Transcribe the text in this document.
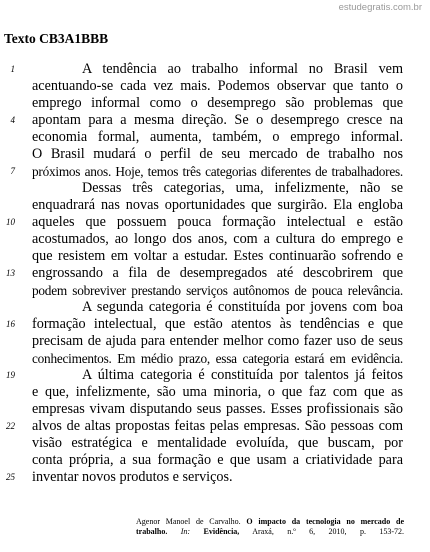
estudegratis.com.br
Texto CB3A1BBB
1
4
7
10
13
16
19
22
25
A tendência ao trabalho informal no Brasil vem
acentuando-se cada vez mais. Podemos observar que tanto o
emprego informal como o desemprego são problemas que
apontam para a mesma direção. Se o desemprego cresce na
economia formal, aumenta, também, o emprego informal.
O Brasil mudará o perfil de seu mercado de trabalho nos
próximos anos. Hoje, temos três categorias diferentes de trabalhadores.
Dessas três categorias, uma, infelizmente, não se
enquadrará nas novas oportunidades que surgirão. Ela engloba
aqueles que possuem pouca formação intelectual e estão
acostumados, ao longo dos anos, com a cultura do emprego e
que resistem em voltar a estudar. Estes continuarão sofrendo e
engrossando a fila de desempregados até descobrirem que
podem sobreviver prestando serviços autônomos de pouca relevância.
A segunda categoria é constituída por jovens com boa
formação intelectual, que estão atentos às tendências e que
precisam de ajuda para entender melhor como fazer uso de seus
conhecimentos. Em médio prazo, essa categoria estará em evidência.
A última categoria é constituída por talentos já feitos
e que, infelizmente, são uma minoria, o que faz com que as
empresas vivam disputando seus passes. Esses profissionais são
alvos de altas propostas feitas pelas empresas. São pessoas com
visão estratégica e mentalidade evoluída, que buscam, por
conta própria, a sua formação e que usam a criatividade para
inventar novos produtos e serviços.
Agenor Manoel de Carvalho. O impacto da tecnologia no mercado de
trabalho. In: Evidência, Araxá, n.º 6, 2010, p. 153-72.
